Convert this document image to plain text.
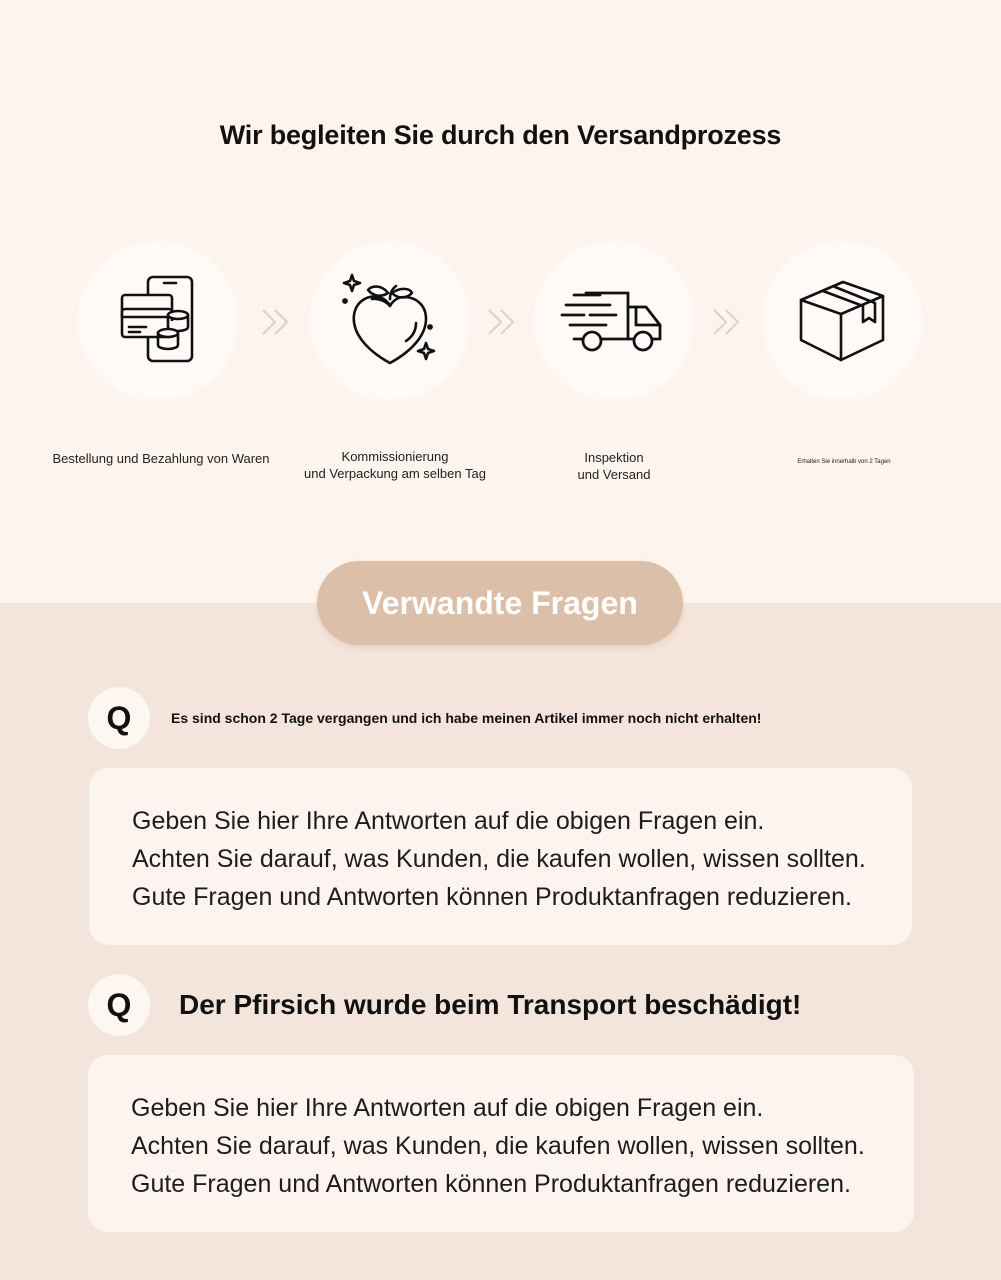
Wir begleiten Sie durch den Versandprozess

Bestellung und Bezahlung von Waren	Kommissionierung
und Verpackung am selben Tag

Inspektion
und Versand

Erhalten Sie innerhalb von 2 Tagen

Verwandte Fragen
Q	Es sind schon 2 Tage vergangen und ich habe meinen Artikel immer noch nicht erhalten!

Geben Sie hier Ihre Antworten auf die obigen Fragen ein.

Achten Sie darauf, was Kunden, die kaufen wollen, wissen sollten.

Gute Fragen und Antworten können Produktanfragen reduzieren.

Q	Der Pfirsich wurde beim Transport beschädigt!

Geben Sie hier Ihre Antworten auf die obigen Fragen ein.

Achten Sie darauf, was Kunden, die kaufen wollen, wissen sollten.

Gute Fragen und Antworten können Produktanfragen reduzieren.
